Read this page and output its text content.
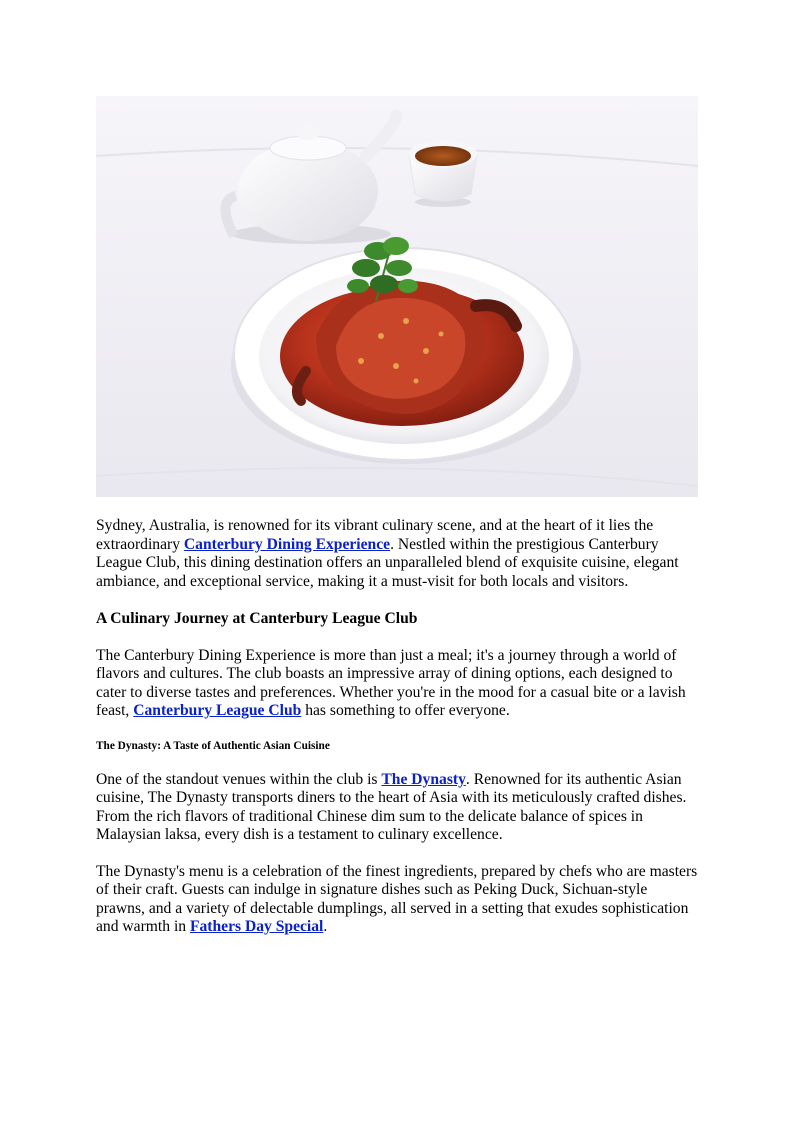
Sydney, Australia, is renowned for its vibrant culinary scene, and at the heart of it lies the extraordinary Canterbury Dining Experience. Nestled within the prestigious Canterbury League Club, this dining destination offers an unparalleled blend of exquisite cuisine, elegant ambiance, and exceptional service, making it a must-visit for both locals and visitors.

A Culinary Journey at Canterbury League Club

The Canterbury Dining Experience is more than just a meal; it's a journey through a world of flavors and cultures. The club boasts an impressive array of dining options, each designed to cater to diverse tastes and preferences. Whether you're in the mood for a casual bite or a lavish feast, Canterbury League Club has something to offer everyone.

The Dynasty: A Taste of Authentic Asian Cuisine

One of the standout venues within the club is The Dynasty. Renowned for its authentic Asian cuisine, The Dynasty transports diners to the heart of Asia with its meticulously crafted dishes. From the rich flavors of traditional Chinese dim sum to the delicate balance of spices in Malaysian laksa, every dish is a testament to culinary excellence.

The Dynasty's menu is a celebration of the finest ingredients, prepared by chefs who are masters of their craft. Guests can indulge in signature dishes such as Peking Duck, Sichuan-style prawns, and a variety of delectable dumplings, all served in a setting that exudes sophistication and warmth in Fathers Day Special.
